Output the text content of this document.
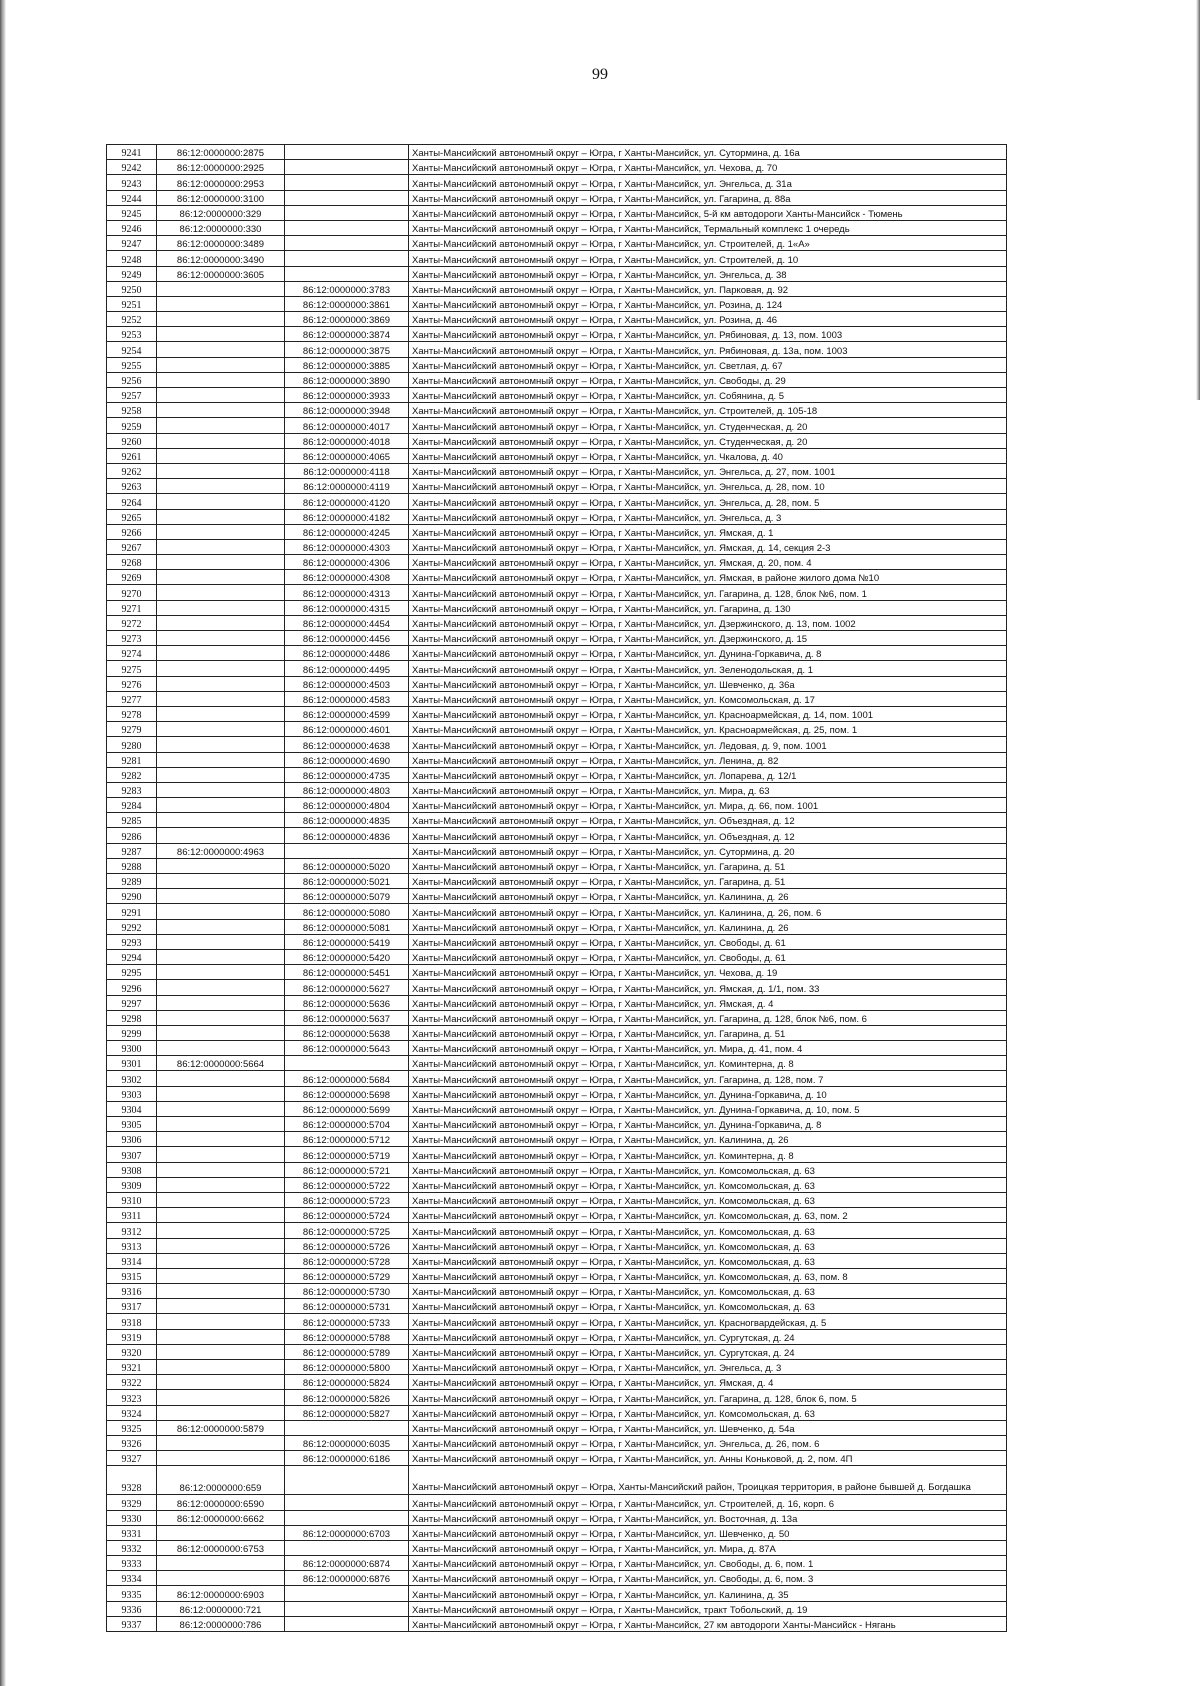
99
9241	86:12:0000000:2875		Ханты-Мансийский автономный округ – Югра, г Ханты-Мансийск, ул. Сутормина, д. 16а
9242	86:12:0000000:2925		Ханты-Мансийский автономный округ – Югра, г Ханты-Мансийск, ул. Чехова, д. 70
9243	86:12:0000000:2953		Ханты-Мансийский автономный округ – Югра, г Ханты-Мансийск, ул. Энгельса, д. 31а
9244	86:12:0000000:3100		Ханты-Мансийский автономный округ – Югра, г Ханты-Мансийск, ул. Гагарина, д. 88а
9245	86:12:0000000:329		Ханты-Мансийский автономный округ – Югра, г Ханты-Мансийск, 5-й км автодороги Ханты-Мансийск - Тюмень
9246	86:12:0000000:330		Ханты-Мансийский автономный округ – Югра, г Ханты-Мансийск, Термальный комплекс 1 очередь
9247	86:12:0000000:3489		Ханты-Мансийский автономный округ – Югра, г Ханты-Мансийск, ул. Строителей, д. 1«А»
9248	86:12:0000000:3490		Ханты-Мансийский автономный округ – Югра, г Ханты-Мансийск, ул. Строителей, д. 10
9249	86:12:0000000:3605		Ханты-Мансийский автономный округ – Югра, г Ханты-Мансийск, ул. Энгельса, д. 38
9250		86:12:0000000:3783	Ханты-Мансийский автономный округ – Югра, г Ханты-Мансийск, ул. Парковая, д. 92
9251		86:12:0000000:3861	Ханты-Мансийский автономный округ – Югра, г Ханты-Мансийск, ул. Розина, д. 124
9252		86:12:0000000:3869	Ханты-Мансийский автономный округ – Югра, г Ханты-Мансийск, ул. Розина, д. 46
9253		86:12:0000000:3874	Ханты-Мансийский автономный округ – Югра, г Ханты-Мансийск, ул. Рябиновая, д. 13, пом. 1003
9254		86:12:0000000:3875	Ханты-Мансийский автономный округ – Югра, г Ханты-Мансийск, ул. Рябиновая, д. 13а, пом. 1003
9255		86:12:0000000:3885	Ханты-Мансийский автономный округ – Югра, г Ханты-Мансийск, ул. Светлая, д. 67
9256		86:12:0000000:3890	Ханты-Мансийский автономный округ – Югра, г Ханты-Мансийск, ул. Свободы, д. 29
9257		86:12:0000000:3933	Ханты-Мансийский автономный округ – Югра, г Ханты-Мансийск, ул. Собянина, д. 5
9258		86:12:0000000:3948	Ханты-Мансийский автономный округ – Югра, г Ханты-Мансийск, ул. Строителей, д. 105-18
9259		86:12:0000000:4017	Ханты-Мансийский автономный округ – Югра, г Ханты-Мансийск, ул. Студенческая, д. 20
9260		86:12:0000000:4018	Ханты-Мансийский автономный округ – Югра, г Ханты-Мансийск, ул. Студенческая, д. 20
9261		86:12:0000000:4065	Ханты-Мансийский автономный округ – Югра, г Ханты-Мансийск, ул. Чкалова, д. 40
9262		86:12:0000000:4118	Ханты-Мансийский автономный округ – Югра, г Ханты-Мансийск, ул. Энгельса, д. 27, пом. 1001
9263		86:12:0000000:4119	Ханты-Мансийский автономный округ – Югра, г Ханты-Мансийск, ул. Энгельса, д. 28, пом. 10
9264		86:12:0000000:4120	Ханты-Мансийский автономный округ – Югра, г Ханты-Мансийск, ул. Энгельса, д. 28, пом. 5
9265		86:12:0000000:4182	Ханты-Мансийский автономный округ – Югра, г Ханты-Мансийск, ул. Энгельса, д. 3
9266		86:12:0000000:4245	Ханты-Мансийский автономный округ – Югра, г Ханты-Мансийск, ул. Ямская, д. 1
9267		86:12:0000000:4303	Ханты-Мансийский автономный округ – Югра, г Ханты-Мансийск, ул. Ямская, д. 14, секция 2-3
9268		86:12:0000000:4306	Ханты-Мансийский автономный округ – Югра, г Ханты-Мансийск, ул. Ямская, д. 20, пом. 4
9269		86:12:0000000:4308	Ханты-Мансийский автономный округ – Югра, г Ханты-Мансийск, ул. Ямская, в районе жилого дома №10
9270		86:12:0000000:4313	Ханты-Мансийский автономный округ – Югра, г Ханты-Мансийск, ул. Гагарина, д. 128, блок №6, пом. 1
9271		86:12:0000000:4315	Ханты-Мансийский автономный округ – Югра, г Ханты-Мансийск, ул. Гагарина, д. 130
9272		86:12:0000000:4454	Ханты-Мансийский автономный округ – Югра, г Ханты-Мансийск, ул. Дзержинского, д. 13, пом. 1002
9273		86:12:0000000:4456	Ханты-Мансийский автономный округ – Югра, г Ханты-Мансийск, ул. Дзержинского, д. 15
9274		86:12:0000000:4486	Ханты-Мансийский автономный округ – Югра, г Ханты-Мансийск, ул. Дунина-Горкавича, д. 8
9275		86:12:0000000:4495	Ханты-Мансийский автономный округ – Югра, г Ханты-Мансийск, ул. Зеленодольская, д. 1
9276		86:12:0000000:4503	Ханты-Мансийский автономный округ – Югра, г Ханты-Мансийск, ул. Шевченко, д. 36а
9277		86:12:0000000:4583	Ханты-Мансийский автономный округ – Югра, г Ханты-Мансийск, ул. Комсомольская, д. 17
9278		86:12:0000000:4599	Ханты-Мансийский автономный округ – Югра, г Ханты-Мансийск, ул. Красноармейская, д. 14, пом. 1001
9279		86:12:0000000:4601	Ханты-Мансийский автономный округ – Югра, г Ханты-Мансийск, ул. Красноармейская, д. 25, пом. 1
9280		86:12:0000000:4638	Ханты-Мансийский автономный округ – Югра, г Ханты-Мансийск, ул. Ледовая, д. 9, пом. 1001
9281		86:12:0000000:4690	Ханты-Мансийский автономный округ – Югра, г Ханты-Мансийск, ул. Ленина, д. 82
9282		86:12:0000000:4735	Ханты-Мансийский автономный округ – Югра, г Ханты-Мансийск, ул. Лопарева, д. 12/1
9283		86:12:0000000:4803	Ханты-Мансийский автономный округ – Югра, г Ханты-Мансийск, ул. Мира, д. 63
9284		86:12:0000000:4804	Ханты-Мансийский автономный округ – Югра, г Ханты-Мансийск, ул. Мира, д. 66, пом. 1001
9285		86:12:0000000:4835	Ханты-Мансийский автономный округ – Югра, г Ханты-Мансийск, ул. Объездная, д. 12
9286		86:12:0000000:4836	Ханты-Мансийский автономный округ – Югра, г Ханты-Мансийск, ул. Объездная, д. 12
9287	86:12:0000000:4963		Ханты-Мансийский автономный округ – Югра, г Ханты-Мансийск, ул. Сутормина, д. 20
9288		86:12:0000000:5020	Ханты-Мансийский автономный округ – Югра, г Ханты-Мансийск, ул. Гагарина, д. 51
9289		86:12:0000000:5021	Ханты-Мансийский автономный округ – Югра, г Ханты-Мансийск, ул. Гагарина, д. 51
9290		86:12:0000000:5079	Ханты-Мансийский автономный округ – Югра, г Ханты-Мансийск, ул. Калинина, д. 26
9291		86:12:0000000:5080	Ханты-Мансийский автономный округ – Югра, г Ханты-Мансийск, ул. Калинина, д. 26, пом. 6
9292		86:12:0000000:5081	Ханты-Мансийский автономный округ – Югра, г Ханты-Мансийск, ул. Калинина, д. 26
9293		86:12:0000000:5419	Ханты-Мансийский автономный округ – Югра, г Ханты-Мансийск, ул. Свободы, д. 61
9294		86:12:0000000:5420	Ханты-Мансийский автономный округ – Югра, г Ханты-Мансийск, ул. Свободы, д. 61
9295		86:12:0000000:5451	Ханты-Мансийский автономный округ – Югра, г Ханты-Мансийск, ул. Чехова, д. 19
9296		86:12:0000000:5627	Ханты-Мансийский автономный округ – Югра, г Ханты-Мансийск, ул. Ямская, д. 1/1, пом. 33
9297		86:12:0000000:5636	Ханты-Мансийский автономный округ – Югра, г Ханты-Мансийск, ул. Ямская, д. 4
9298		86:12:0000000:5637	Ханты-Мансийский автономный округ – Югра, г Ханты-Мансийск, ул. Гагарина, д. 128, блок №6, пом. 6
9299		86:12:0000000:5638	Ханты-Мансийский автономный округ – Югра, г Ханты-Мансийск, ул. Гагарина, д. 51
9300		86:12:0000000:5643	Ханты-Мансийский автономный округ – Югра, г Ханты-Мансийск, ул. Мира, д. 41, пом. 4
9301	86:12:0000000:5664		Ханты-Мансийский автономный округ – Югра, г Ханты-Мансийск, ул. Коминтерна, д. 8
9302		86:12:0000000:5684	Ханты-Мансийский автономный округ – Югра, г Ханты-Мансийск, ул. Гагарина, д. 128, пом. 7
9303		86:12:0000000:5698	Ханты-Мансийский автономный округ – Югра, г Ханты-Мансийск, ул. Дунина-Горкавича, д. 10
9304		86:12:0000000:5699	Ханты-Мансийский автономный округ – Югра, г Ханты-Мансийск, ул. Дунина-Горкавича, д. 10, пом. 5
9305		86:12:0000000:5704	Ханты-Мансийский автономный округ – Югра, г Ханты-Мансийск, ул. Дунина-Горкавича, д. 8
9306		86:12:0000000:5712	Ханты-Мансийский автономный округ – Югра, г Ханты-Мансийск, ул. Калинина, д. 26
9307		86:12:0000000:5719	Ханты-Мансийский автономный округ – Югра, г Ханты-Мансийск, ул. Коминтерна, д. 8
9308		86:12:0000000:5721	Ханты-Мансийский автономный округ – Югра, г Ханты-Мансийск, ул. Комсомольская, д. 63
9309		86:12:0000000:5722	Ханты-Мансийский автономный округ – Югра, г Ханты-Мансийск, ул. Комсомольская, д. 63
9310		86:12:0000000:5723	Ханты-Мансийский автономный округ – Югра, г Ханты-Мансийск, ул. Комсомольская, д. 63
9311		86:12:0000000:5724	Ханты-Мансийский автономный округ – Югра, г Ханты-Мансийск, ул. Комсомольская, д. 63, пом. 2
9312		86:12:0000000:5725	Ханты-Мансийский автономный округ – Югра, г Ханты-Мансийск, ул. Комсомольская, д. 63
9313		86:12:0000000:5726	Ханты-Мансийский автономный округ – Югра, г Ханты-Мансийск, ул. Комсомольская, д. 63
9314		86:12:0000000:5728	Ханты-Мансийский автономный округ – Югра, г Ханты-Мансийск, ул. Комсомольская, д. 63
9315		86:12:0000000:5729	Ханты-Мансийский автономный округ – Югра, г Ханты-Мансийск, ул. Комсомольская, д. 63, пом. 8
9316		86:12:0000000:5730	Ханты-Мансийский автономный округ – Югра, г Ханты-Мансийск, ул. Комсомольская, д. 63
9317		86:12:0000000:5731	Ханты-Мансийский автономный округ – Югра, г Ханты-Мансийск, ул. Комсомольская, д. 63
9318		86:12:0000000:5733	Ханты-Мансийский автономный округ – Югра, г Ханты-Мансийск, ул. Красногвардейская, д. 5
9319		86:12:0000000:5788	Ханты-Мансийский автономный округ – Югра, г Ханты-Мансийск, ул. Сургутская, д. 24
9320		86:12:0000000:5789	Ханты-Мансийский автономный округ – Югра, г Ханты-Мансийск, ул. Сургутская, д. 24
9321		86:12:0000000:5800	Ханты-Мансийский автономный округ – Югра, г Ханты-Мансийск, ул. Энгельса, д. 3
9322		86:12:0000000:5824	Ханты-Мансийский автономный округ – Югра, г Ханты-Мансийск, ул. Ямская, д. 4
9323		86:12:0000000:5826	Ханты-Мансийский автономный округ – Югра, г Ханты-Мансийск, ул. Гагарина, д. 128, блок 6, пом. 5
9324		86:12:0000000:5827	Ханты-Мансийский автономный округ – Югра, г Ханты-Мансийск, ул. Комсомольская, д. 63
9325	86:12:0000000:5879		Ханты-Мансийский автономный округ – Югра, г Ханты-Мансийск, ул. Шевченко, д. 54а
9326		86:12:0000000:6035	Ханты-Мансийский автономный округ – Югра, г Ханты-Мансийск, ул. Энгельса, д. 26, пом. 6
9327		86:12:0000000:6186	Ханты-Мансийский автономный округ – Югра, г Ханты-Мансийск, ул. Анны Коньковой, д. 2, пом. 4П
9328	86:12:0000000:659		Ханты-Мансийский автономный округ – Югра, Ханты-Мансийский район, Троицкая территория, в районе бывшей д. Богдашка
9329	86:12:0000000:6590		Ханты-Мансийский автономный округ – Югра, г Ханты-Мансийск, ул. Строителей, д. 16, корп. 6
9330	86:12:0000000:6662		Ханты-Мансийский автономный округ – Югра, г Ханты-Мансийск, ул. Восточная, д. 13а
9331		86:12:0000000:6703	Ханты-Мансийский автономный округ – Югра, г Ханты-Мансийск, ул. Шевченко, д. 50
9332	86:12:0000000:6753		Ханты-Мансийский автономный округ – Югра, г Ханты-Мансийск, ул. Мира, д. 87А
9333		86:12:0000000:6874	Ханты-Мансийский автономный округ – Югра, г Ханты-Мансийск, ул. Свободы, д. 6, пом. 1
9334		86:12:0000000:6876	Ханты-Мансийский автономный округ – Югра, г Ханты-Мансийск, ул. Свободы, д. 6, пом. 3
9335	86:12:0000000:6903		Ханты-Мансийский автономный округ – Югра, г Ханты-Мансийск, ул. Калинина, д. 35
9336	86:12:0000000:721		Ханты-Мансийский автономный округ – Югра, г Ханты-Мансийск, тракт Тобольский, д. 19
9337	86:12:0000000:786		Ханты-Мансийский автономный округ – Югра, г Ханты-Мансийск, 27 км автодороги Ханты-Мансийск - Нягань
